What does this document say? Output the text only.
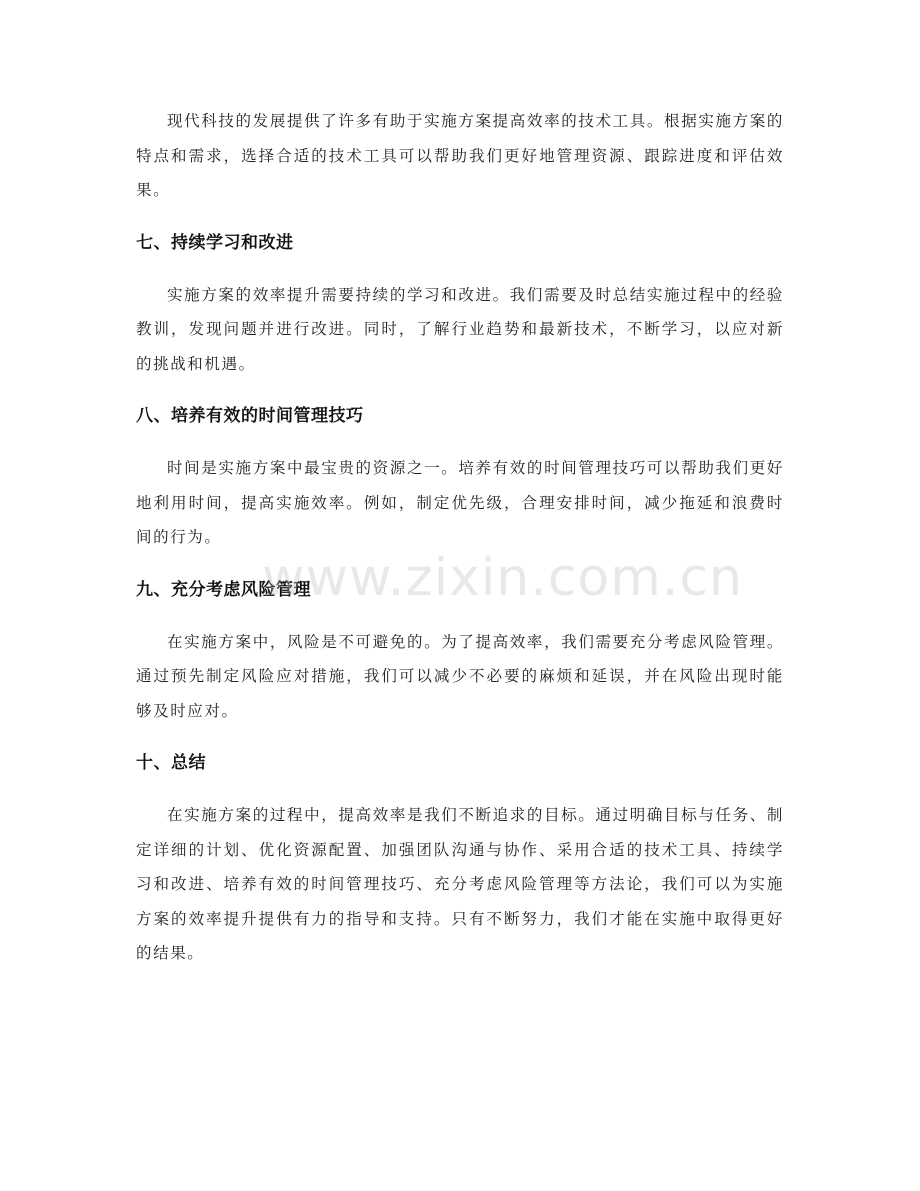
现代科技的发展提供了许多有助于实施方案提高效率的技术工具。根据实施方案的特点和需求，选择合适的技术工具可以帮助我们更好地管理资源、跟踪进度和评估效果。

七、持续学习和改进

实施方案的效率提升需要持续的学习和改进。我们需要及时总结实施过程中的经验教训，发现问题并进行改进。同时，了解行业趋势和最新技术，不断学习，以应对新的挑战和机遇。

八、培养有效的时间管理技巧

时间是实施方案中最宝贵的资源之一。培养有效的时间管理技巧可以帮助我们更好地利用时间，提高实施效率。例如，制定优先级，合理安排时间，减少拖延和浪费时间的行为。

九、充分考虑风险管理

在实施方案中，风险是不可避免的。为了提高效率，我们需要充分考虑风险管理。通过预先制定风险应对措施，我们可以减少不必要的麻烦和延误，并在风险出现时能够及时应对。

十、总结

在实施方案的过程中，提高效率是我们不断追求的目标。通过明确目标与任务、制定详细的计划、优化资源配置、加强团队沟通与协作、采用合适的技术工具、持续学习和改进、培养有效的时间管理技巧、充分考虑风险管理等方法论，我们可以为实施方案的效率提升提供有力的指导和支持。只有不断努力，我们才能在实施中取得更好的结果。

www.zixin.com.cn
